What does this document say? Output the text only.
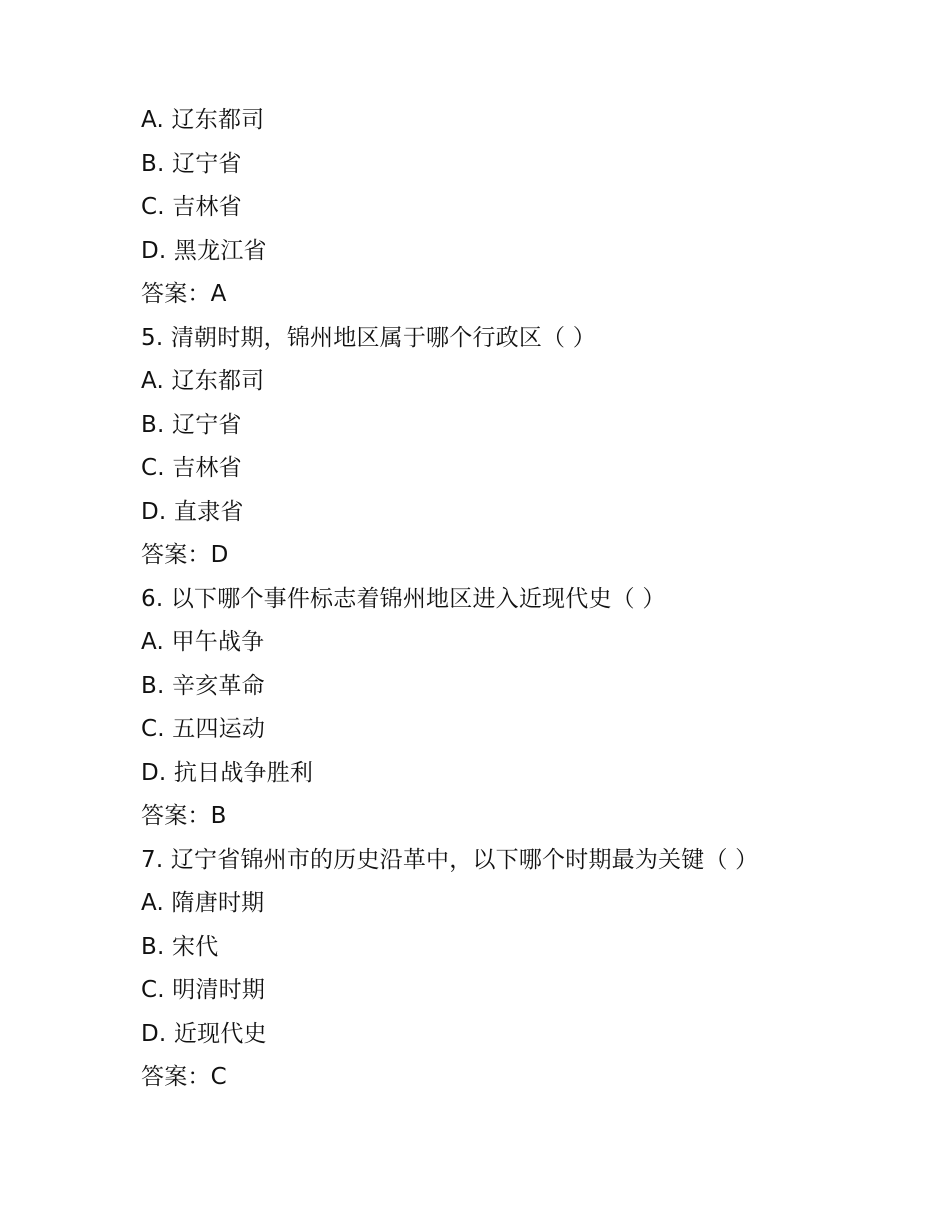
A. 辽东都司
B. 辽宁省
C. 吉林省
D. 黑龙江省
答案：A
5. 清朝时期，锦州地区属于哪个行政区（ ）
A. 辽东都司
B. 辽宁省
C. 吉林省
D. 直隶省
答案：D
6. 以下哪个事件标志着锦州地区进入近现代史（ ）
A. 甲午战争
B. 辛亥革命
C. 五四运动
D. 抗日战争胜利
答案：B
7. 辽宁省锦州市的历史沿革中，以下哪个时期最为关键（ ）
A. 隋唐时期
B. 宋代
C. 明清时期
D. 近现代史
答案：C
